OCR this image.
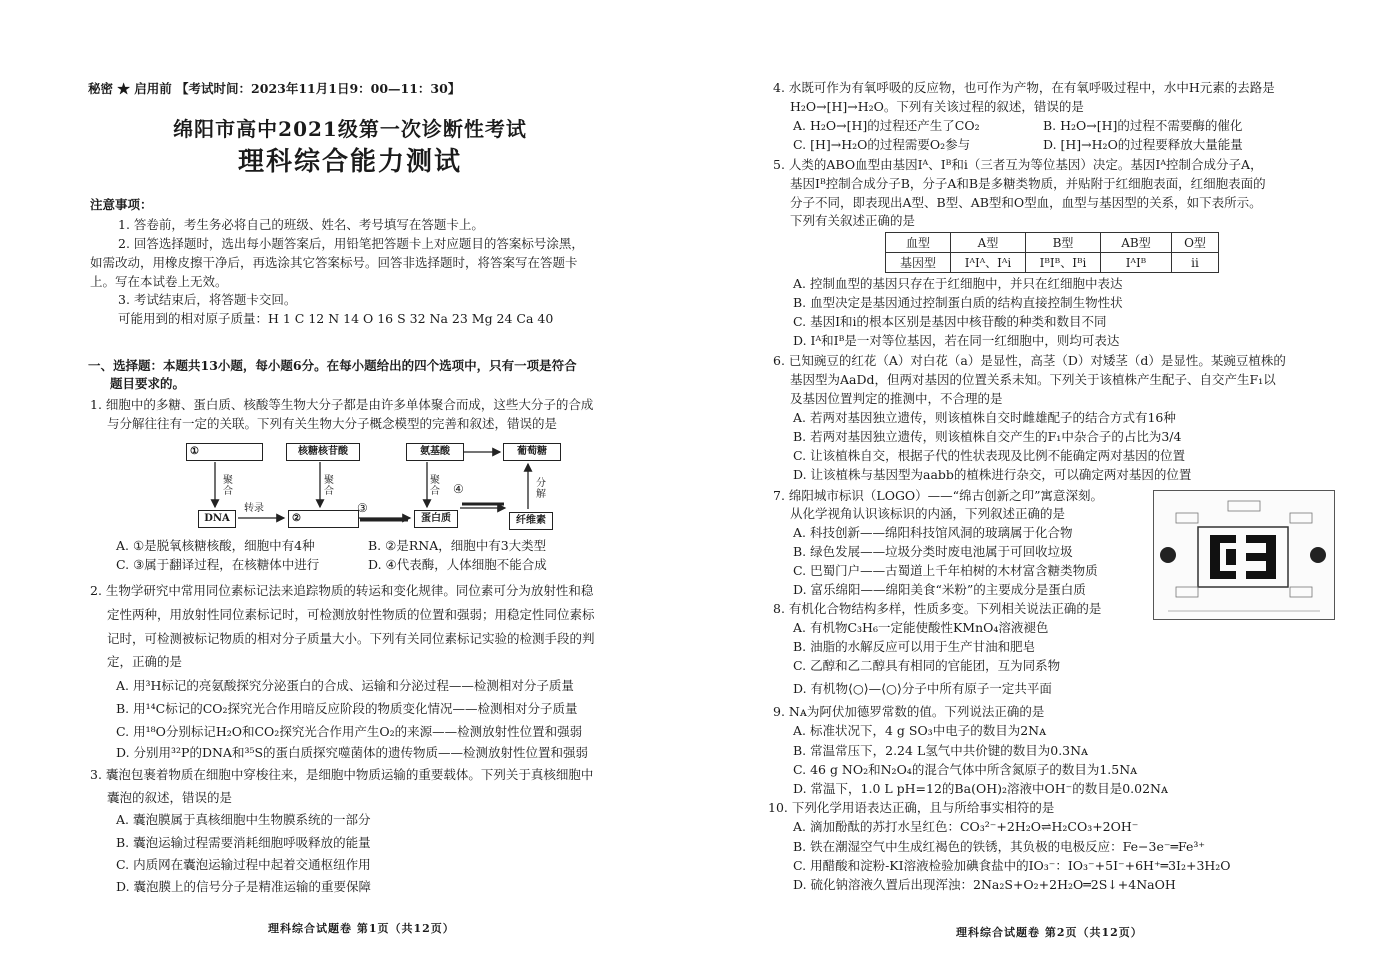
秘密 ★ 启用前 【考试时间：2023年11月1日9：00—11：30】
绵阳市高中2021级第一次诊断性考试
理科综合能力测试
注意事项：
1. 答卷前，考生务必将自己的班级、姓名、考号填写在答题卡上。
2. 回答选择题时，选出每小题答案后，用铅笔把答题卡上对应题目的答案标号涂黑，
如需改动，用橡皮擦干净后，再选涂其它答案标号。回答非选择题时，将答案写在答题卡
上。写在本试卷上无效。
3. 考试结束后，将答题卡交回。
可能用到的相对原子质量：H 1 C 12 N 14 O 16 S 32 Na 23 Mg 24 Ca 40
一、选择题：本题共13小题，每小题6分。在每小题给出的四个选项中，只有一项是符合
题目要求的。
1. 细胞中的多糖、蛋白质、核酸等生物大分子都是由许多单体聚合而成，这些大分子的合成
与分解往往有一定的关联。下列有关生物大分子概念模型的完善和叙述，错误的是
①	核糖核苷酸	氨基酸	葡萄糖
聚合
聚合
聚合
分解
DNA
转录
②
③
蛋白质
④
纤维素
A. ①是脱氧核糖核酸，细胞中有4种	B. ②是RNA，细胞中有3大类型
C. ③属于翻译过程，在核糖体中进行	D. ④代表酶，人体细胞不能合成
2. 生物学研究中常用同位素标记法来追踪物质的转运和变化规律。同位素可分为放射性和稳
定性两种，用放射性同位素标记时，可检测放射性物质的位置和强弱；用稳定性同位素标
记时，可检测被标记物质的相对分子质量大小。下列有关同位素标记实验的检测手段的判
定，正确的是
A. 用³H标记的亮氨酸探究分泌蛋白的合成、运输和分泌过程——检测相对分子质量
B. 用¹⁴C标记的CO₂探究光合作用暗反应阶段的物质变化情况——检测相对分子质量
C. 用¹⁸O分别标记H₂O和CO₂探究光合作用产生O₂的来源——检测放射性位置和强弱
D. 分别用³²P的DNA和³⁵S的蛋白质探究噬菌体的遗传物质——检测放射性位置和强弱
3. 囊泡包裹着物质在细胞中穿梭往来，是细胞中物质运输的重要载体。下列关于真核细胞中
囊泡的叙述，错误的是
A. 囊泡膜属于真核细胞中生物膜系统的一部分
B. 囊泡运输过程需要消耗细胞呼吸释放的能量
C. 内质网在囊泡运输过程中起着交通枢纽作用
D. 囊泡膜上的信号分子是精准运输的重要保障
理科综合试题卷 第1页（共12页）
4. 水既可作为有氧呼吸的反应物，也可作为产物，在有氧呼吸过程中，水中H元素的去路是
H₂O→[H]→H₂O。下列有关该过程的叙述，错误的是
A. H₂O→[H]的过程还产生了CO₂	B. H₂O→[H]的过程不需要酶的催化
C. [H]→H₂O的过程需要O₂参与	D. [H]→H₂O的过程要释放大量能量
5. 人类的ABO血型由基因Iᴬ、Iᴮ和i（三者互为等位基因）决定。基因Iᴬ控制合成分子A，
基因Iᴮ控制合成分子B，分子A和B是多糖类物质，并贴附于红细胞表面，红细胞表面的
分子不同，即表现出A型、B型、AB型和O型血，血型与基因型的关系，如下表所示。
下列有关叙述正确的是
血型	A型	B型	AB型	O型
基因型	IᴬIᴬ、Iᴬi	IᴮIᴮ、Iᴮi	IᴬIᴮ	ii
A. 控制血型的基因只存在于红细胞中，并只在红细胞中表达
B. 血型决定是基因通过控制蛋白质的结构直接控制生物性状
C. 基因I和i的根本区别是基因中核苷酸的种类和数目不同
D. Iᴬ和Iᴮ是一对等位基因，若在同一红细胞中，则均可表达
6. 已知豌豆的红花（A）对白花（a）是显性，高茎（D）对矮茎（d）是显性。某豌豆植株的
基因型为AaDd，但两对基因的位置关系未知。下列关于该植株产生配子、自交产生F₁以
及基因位置判定的推测中，不合理的是
A. 若两对基因独立遗传，则该植株自交时雌雄配子的结合方式有16种
B. 若两对基因独立遗传，则该植株自交产生的F₁中杂合子的占比为3/4
C. 让该植株自交，根据子代的性状表现及比例不能确定两对基因的位置
D. 让该植株与基因型为aabb的植株进行杂交，可以确定两对基因的位置
7. 绵阳城市标识（LOGO）——“绵古创新之印”寓意深刻。
从化学视角认识该标识的内涵，下列叙述正确的是
A. 科技创新——绵阳科技馆风洞的玻璃属于化合物
B. 绿色发展——垃圾分类时废电池属于可回收垃圾
C. 巴蜀门户——古蜀道上千年柏树的木材富含糖类物质
D. 富乐绵阳——绵阳美食“米粉”的主要成分是蛋白质
8. 有机化合物结构多样，性质多变。下列相关说法正确的是
A. 有机物C₃H₆一定能使酸性KMnO₄溶液褪色
B. 油脂的水解反应可以用于生产甘油和肥皂
C. 乙醇和乙二醇具有相同的官能团，互为同系物
D. 有机物⟨○⟩—⟨○⟩分子中所有原子一定共平面
9. Nᴀ为阿伏加德罗常数的值。下列说法正确的是
A. 标准状况下，4 g SO₃中电子的数目为2Nᴀ
B. 常温常压下，2.24 L氢气中共价键的数目为0.3Nᴀ
C. 46 g NO₂和N₂O₄的混合气体中所含氮原子的数目为1.5Nᴀ
D. 常温下，1.0 L pH=12的Ba(OH)₂溶液中OH⁻的数目是0.02Nᴀ
10. 下列化学用语表达正确，且与所给事实相符的是
A. 滴加酚酞的苏打水呈红色：CO₃²⁻+2H₂O⇌H₂CO₃+2OH⁻
B. 铁在潮湿空气中生成红褐色的铁锈，其负极的电极反应：Fe−3e⁻═Fe³⁺
C. 用醋酸和淀粉-KI溶液检验加碘食盐中的IO₃⁻：IO₃⁻+5I⁻+6H⁺═3I₂+3H₂O
D. 硫化钠溶液久置后出现浑浊：2Na₂S+O₂+2H₂O═2S↓+4NaOH
理科综合试题卷 第2页（共12页）
